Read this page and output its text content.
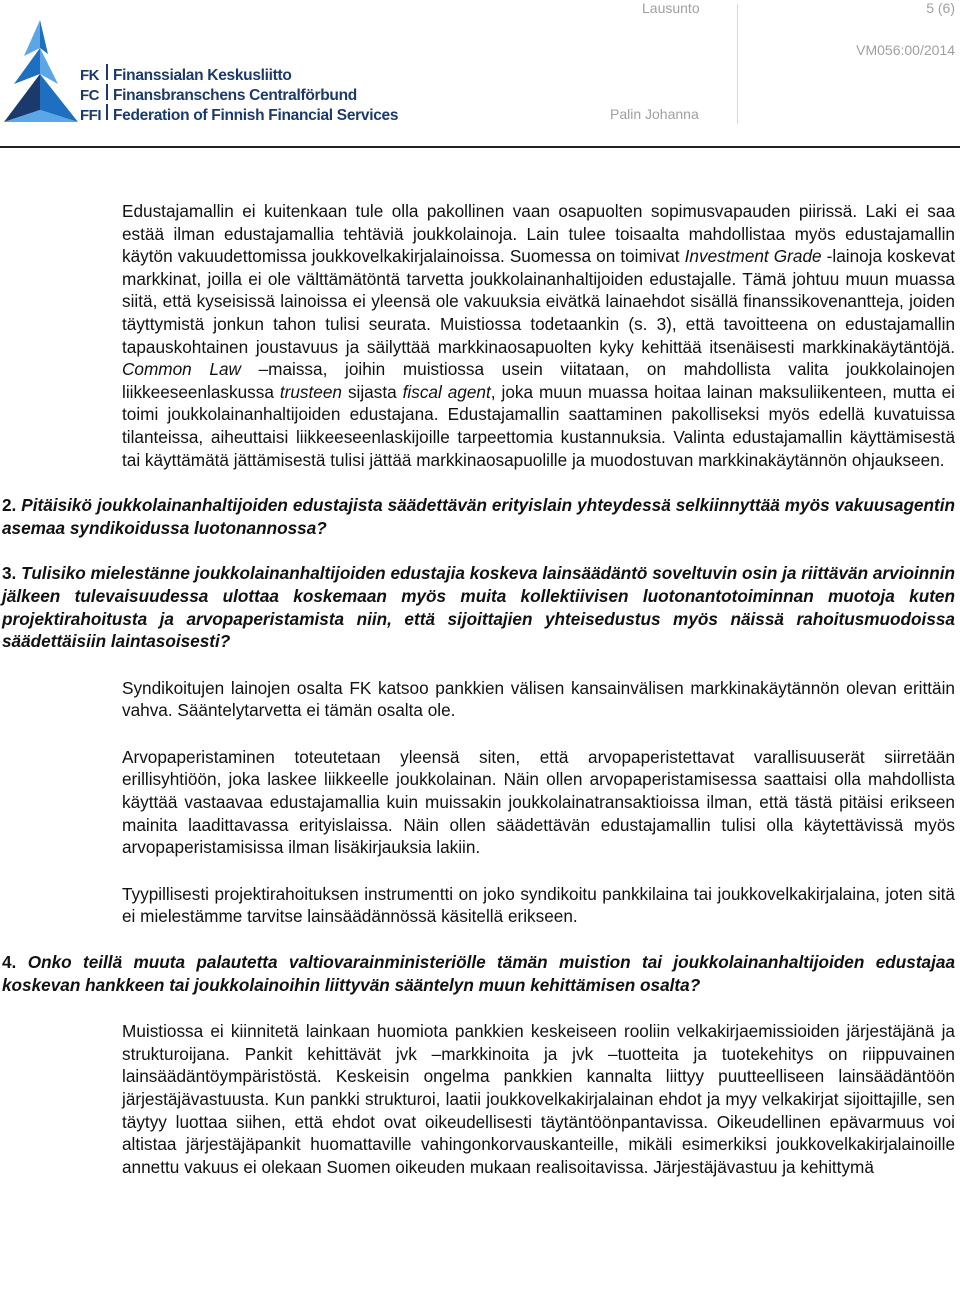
FK Finanssialan Keskusliitto
FC Finansbranschens Centralförbund
FFI Federation of Finnish Financial Services
Lausunto	5 (6)
VM056:00/2014
Palin Johanna

Edustajamallin ei kuitenkaan tule olla pakollinen vaan osapuolten sopimusvapauden piirissä. Laki ei saa estää ilman edustajamallia tehtäviä joukkolainoja. Lain tulee toisaalta mahdollistaa myös edustajamallin käytön vakuudettomissa joukkovelkakirjalainoissa. Suomessa on toimivat Investment Grade -lainoja koskevat markkinat, joilla ei ole välttämätöntä tarvetta joukkolainanhaltijoiden edustajalle. Tämä johtuu muun muassa siitä, että kyseisissä lainoissa ei yleensä ole vakuuksia eivätkä lainaehdot sisällä finanssikovenantteja, joiden täyttymistä jonkun tahon tulisi seurata. Muistiossa todetaankin (s. 3), että tavoitteena on edustajamallin tapauskohtainen joustavuus ja säilyttää markkinaosapuolten kyky kehittää itsenäisesti markkinakäytäntöjä. Common Law –maissa, joihin muistiossa usein viitataan, on mahdollista valita joukkolainojen liikkeeseenlaskussa trusteen sijasta fiscal agent, joka muun muassa hoitaa lainan maksuliikenteen, mutta ei toimi joukkolainanhaltijoiden edustajana. Edustajamallin saattaminen pakolliseksi myös edellä kuvatuissa tilanteissa, aiheuttaisi liikkeeseenlaskijoille tarpeettomia kustannuksia. Valinta edustajamallin käyttämisestä tai käyttämätä jättämisestä tulisi jättää markkinaosapuolille ja muodostuvan markkinakäytännön ohjaukseen.

2. Pitäisikö joukkolainanhaltijoiden edustajista säädettävän erityislain yhteydessä selkiinnyttää myös vakuusagentin asemaa syndikoidussa luotonannossa?

3. Tulisiko mielestänne joukkolainanhaltijoiden edustajia koskeva lainsäädäntö soveltuvin osin ja riittävän arvioinnin jälkeen tulevaisuudessa ulottaa koskemaan myös muita kollektiivisen luotonantotoiminnan muotoja kuten projektirahoitusta ja arvopaperistamista niin, että sijoittajien yhteisedustus myös näissä rahoitusmuodoissa säädettäisiin laintasoisesti?

Syndikoitujen lainojen osalta FK katsoo pankkien välisen kansainvälisen markkinakäytännön olevan erittäin vahva. Sääntelytarvetta ei tämän osalta ole.

Arvopaperistaminen toteutetaan yleensä siten, että arvopaperistettavat varallisuuserät siirretään erillisyhtiöön, joka laskee liikkeelle joukkolainan. Näin ollen arvopaperistamisessa saattaisi olla mahdollista käyttää vastaavaa edustajamallia kuin muissakin joukkolainatransaktioissa ilman, että tästä pitäisi erikseen mainita laadittavassa erityislaissa. Näin ollen säädettävän edustajamallin tulisi olla käytettävissä myös arvopaperistamisissa ilman lisäkirjauksia lakiin.

Tyypillisesti projektirahoituksen instrumentti on joko syndikoitu pankkilaina tai joukkovelkakirjalaina, joten sitä ei mielestämme tarvitse lainsäädännössä käsitellä erikseen.

4. Onko teillä muuta palautetta valtiovarainministeriölle tämän muistion tai joukkolainanhaltijoiden edustajaa koskevan hankkeen tai joukkolainoihin liittyvän sääntelyn muun kehittämisen osalta?

Muistiossa ei kiinnitetä lainkaan huomiota pankkien keskeiseen rooliin velkakirjaemissioiden järjestäjänä ja strukturoijana. Pankit kehittävät jvk –markkinoita ja jvk –tuotteita ja tuotekehitys on riippuvainen lainsäädäntöympäristöstä. Keskeisin ongelma pankkien kannalta liittyy puutteelliseen lainsäädäntöön järjestäjävastuusta. Kun pankki strukturoi, laatii joukkovelkakirjalainan ehdot ja myy velkakirjat sijoittajille, sen täytyy luottaa siihen, että ehdot ovat oikeudellisesti täytäntöönpantavissa. Oikeudellinen epävarmuus voi altistaa järjestäjäpankit huomattaville vahingonkorvauskanteille, mikäli esimerkiksi joukkovelkakirjalainoille annettu vakuus ei olekaan Suomen oikeuden mukaan realisoitavissa. Järjestäjävastuu ja kehittymä
